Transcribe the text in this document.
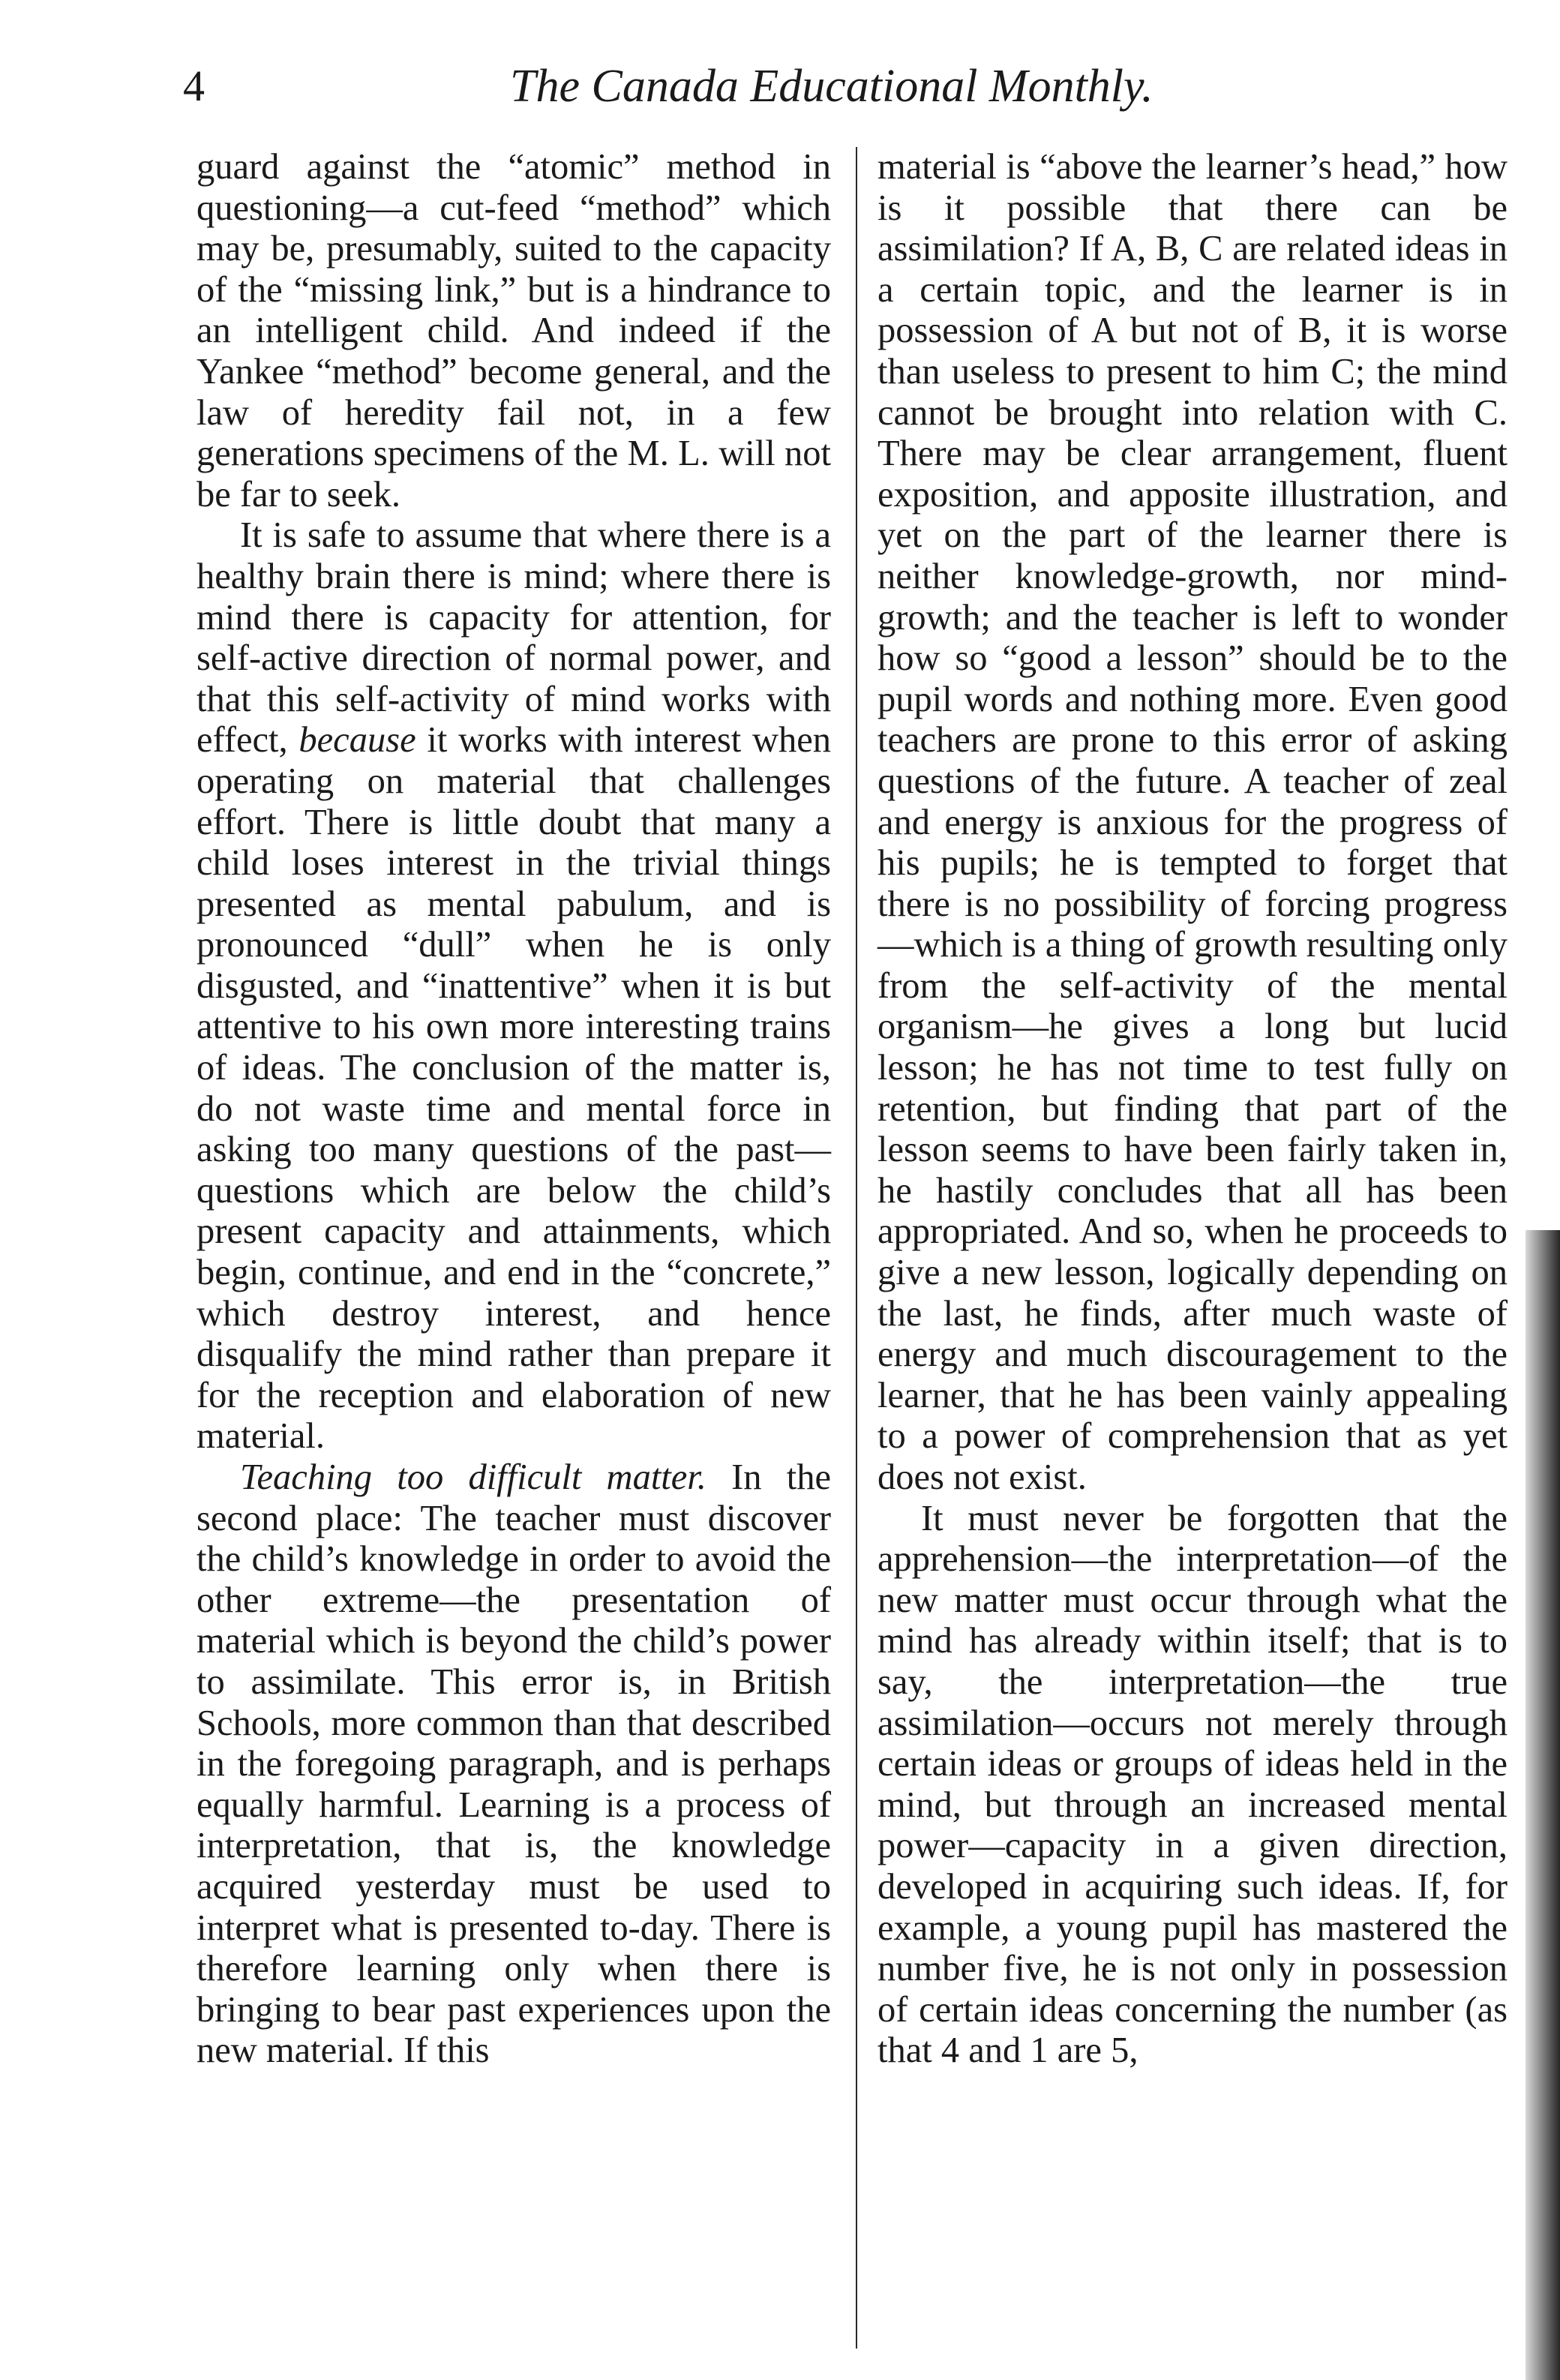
4	The Canada Educational Monthly.

guard against the “atomic” method in questioning—a cut-feed “method” which may be, presumably, suited to the capacity of the “missing link,” but is a hindrance to an intelligent child. And indeed if the Yankee “method” become general, and the law of heredity fail not, in a few generations specimens of the M. L. will not be far to seek.

It is safe to assume that where there is a healthy brain there is mind; where there is mind there is capacity for attention, for self-active direction of normal power, and that this self-activity of mind works with effect, because it works with interest when operating on material that challenges effort. There is little doubt that many a child loses interest in the trivial things presented as mental pabulum, and is pronounced “dull” when he is only disgusted, and “inattentive” when it is but attentive to his own more interesting trains of ideas. The conclusion of the matter is, do not waste time and mental force in asking too many questions of the past—questions which are below the child’s present capacity and attainments, which begin, continue, and end in the “concrete,” which destroy interest, and hence disqualify the mind rather than prepare it for the reception and elaboration of new material.

Teaching too difficult matter. In the second place: The teacher must discover the child’s knowledge in order to avoid the other extreme—the presentation of material which is beyond the child’s power to assimilate. This error is, in British Schools, more common than that described in the foregoing paragraph, and is perhaps equally harmful. Learning is a process of interpretation, that is, the knowledge acquired yesterday must be used to interpret what is presented to-day. There is therefore learning only when there is bringing to bear past experiences upon the new material. If this

material is “above the learner’s head,” how is it possible that there can be assimilation? If A, B, C are related ideas in a certain topic, and the learner is in possession of A but not of B, it is worse than useless to present to him C; the mind cannot be brought into relation with C. There may be clear arrangement, fluent exposition, and apposite illustration, and yet on the part of the learner there is neither knowledge-growth, nor mind-growth; and the teacher is left to wonder how so “good a lesson” should be to the pupil words and nothing more. Even good teachers are prone to this error of asking questions of the future. A teacher of zeal and energy is anxious for the progress of his pupils; he is tempted to forget that there is no possibility of forcing progress—which is a thing of growth resulting only from the self-activity of the mental organism—he gives a long but lucid lesson; he has not time to test fully on retention, but finding that part of the lesson seems to have been fairly taken in, he hastily concludes that all has been appropriated. And so, when he proceeds to give a new lesson, logically depending on the last, he finds, after much waste of energy and much discouragement to the learner, that he has been vainly appealing to a power of comprehension that as yet does not exist.

It must never be forgotten that the apprehension—the interpretation—of the new matter must occur through what the mind has already within itself; that is to say, the interpretation—the true assimilation—occurs not merely through certain ideas or groups of ideas held in the mind, but through an increased mental power—capacity in a given direction, developed in acquiring such ideas. If, for example, a young pupil has mastered the number five, he is not only in possession of certain ideas concerning the number (as that 4 and 1 are 5,
